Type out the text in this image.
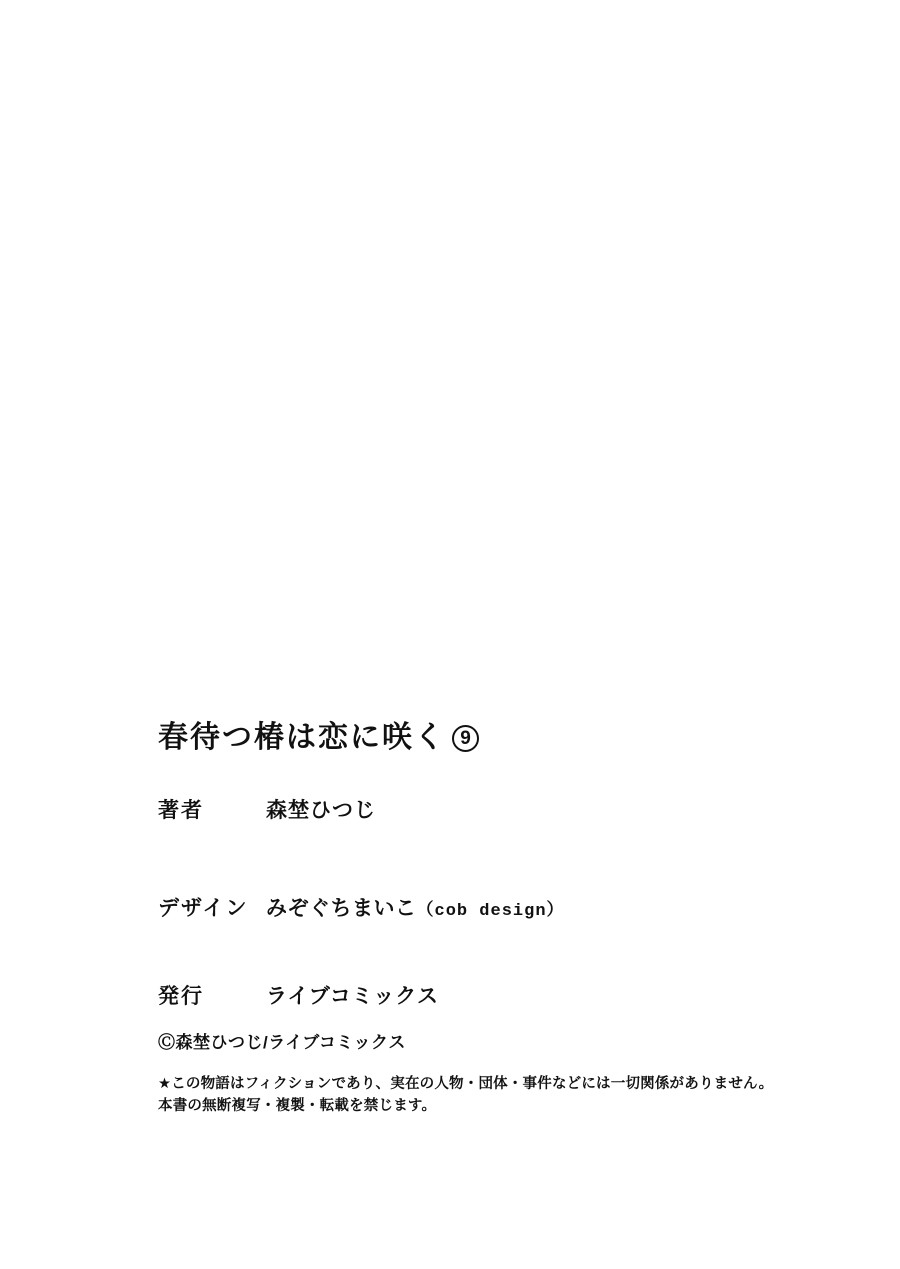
春待つ椿は恋に咲く 9
著者	森埜ひつじ
デザイン みぞぐちまいこ（cob design）
発行	ライブコミックス
Ⓒ森埜ひつじ/ライブコミックス
★この物語はフィクションであり、実在の人物・団体・事件などには一切関係がありません。
本書の無断複写・複製・転載を禁じます。
